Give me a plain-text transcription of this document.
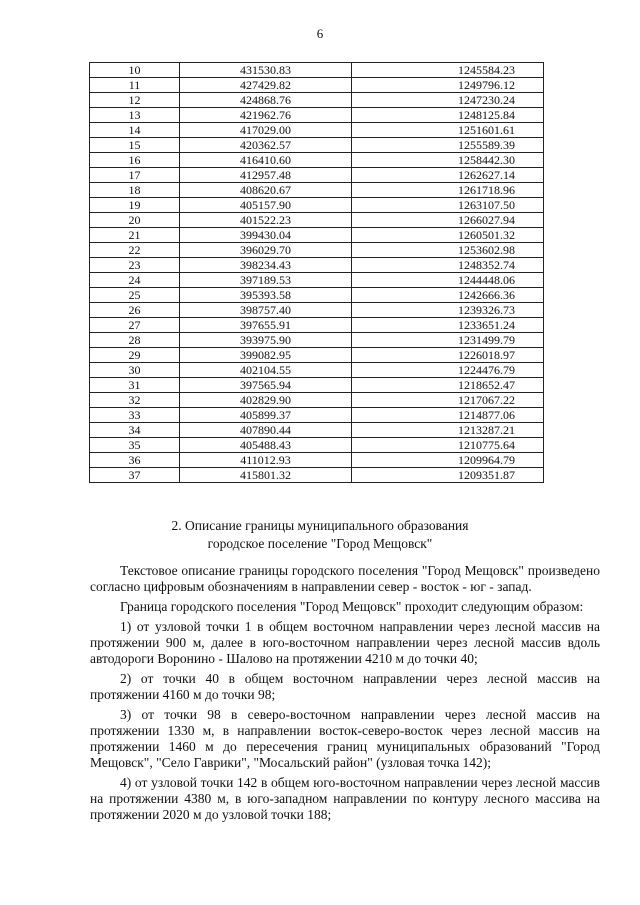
6
10	431530.83	1245584.23
11	427429.82	1249796.12
12	424868.76	1247230.24
13	421962.76	1248125.84
14	417029.00	1251601.61
15	420362.57	1255589.39
16	416410.60	1258442.30
17	412957.48	1262627.14
18	408620.67	1261718.96
19	405157.90	1263107.50
20	401522.23	1266027.94
21	399430.04	1260501.32
22	396029.70	1253602.98
23	398234.43	1248352.74
24	397189.53	1244448.06
25	395393.58	1242666.36
26	398757.40	1239326.73
27	397655.91	1233651.24
28	393975.90	1231499.79
29	399082.95	1226018.97
30	402104.55	1224476.79
31	397565.94	1218652.47
32	402829.90	1217067.22
33	405899.37	1214877.06
34	407890.44	1213287.21
35	405488.43	1210775.64
36	411012.93	1209964.79
37	415801.32	1209351.87
2. Описание границы муниципального образования
городское поселение "Город Мещовск"

Текстовое описание границы городского поселения "Город Мещовск" произведено согласно цифровым обозначениям в направлении север - восток - юг - запад.

Граница городского поселения "Город Мещовск" проходит следующим образом:

1) от узловой точки 1 в общем восточном направлении через лесной массив на протяжении 900 м, далее в юго-восточном направлении через лесной массив вдоль автодороги Воронино - Шалово на протяжении 4210 м до точки 40;

2) от точки 40 в общем восточном направлении через лесной массив на протяжении 4160 м до точки 98;

3) от точки 98 в северо-восточном направлении через лесной массив на протяжении 1330 м, в направлении восток-северо-восток через лесной массив на протяжении 1460 м до пересечения границ муниципальных образований "Город Мещовск", "Село Гаврики", "Мосальский район" (узловая точка 142);

4) от узловой точки 142 в общем юго-восточном направлении через лесной массив на протяжении 4380 м, в юго-западном направлении по контуру лесного массива на протяжении 2020 м до узловой точки 188;
